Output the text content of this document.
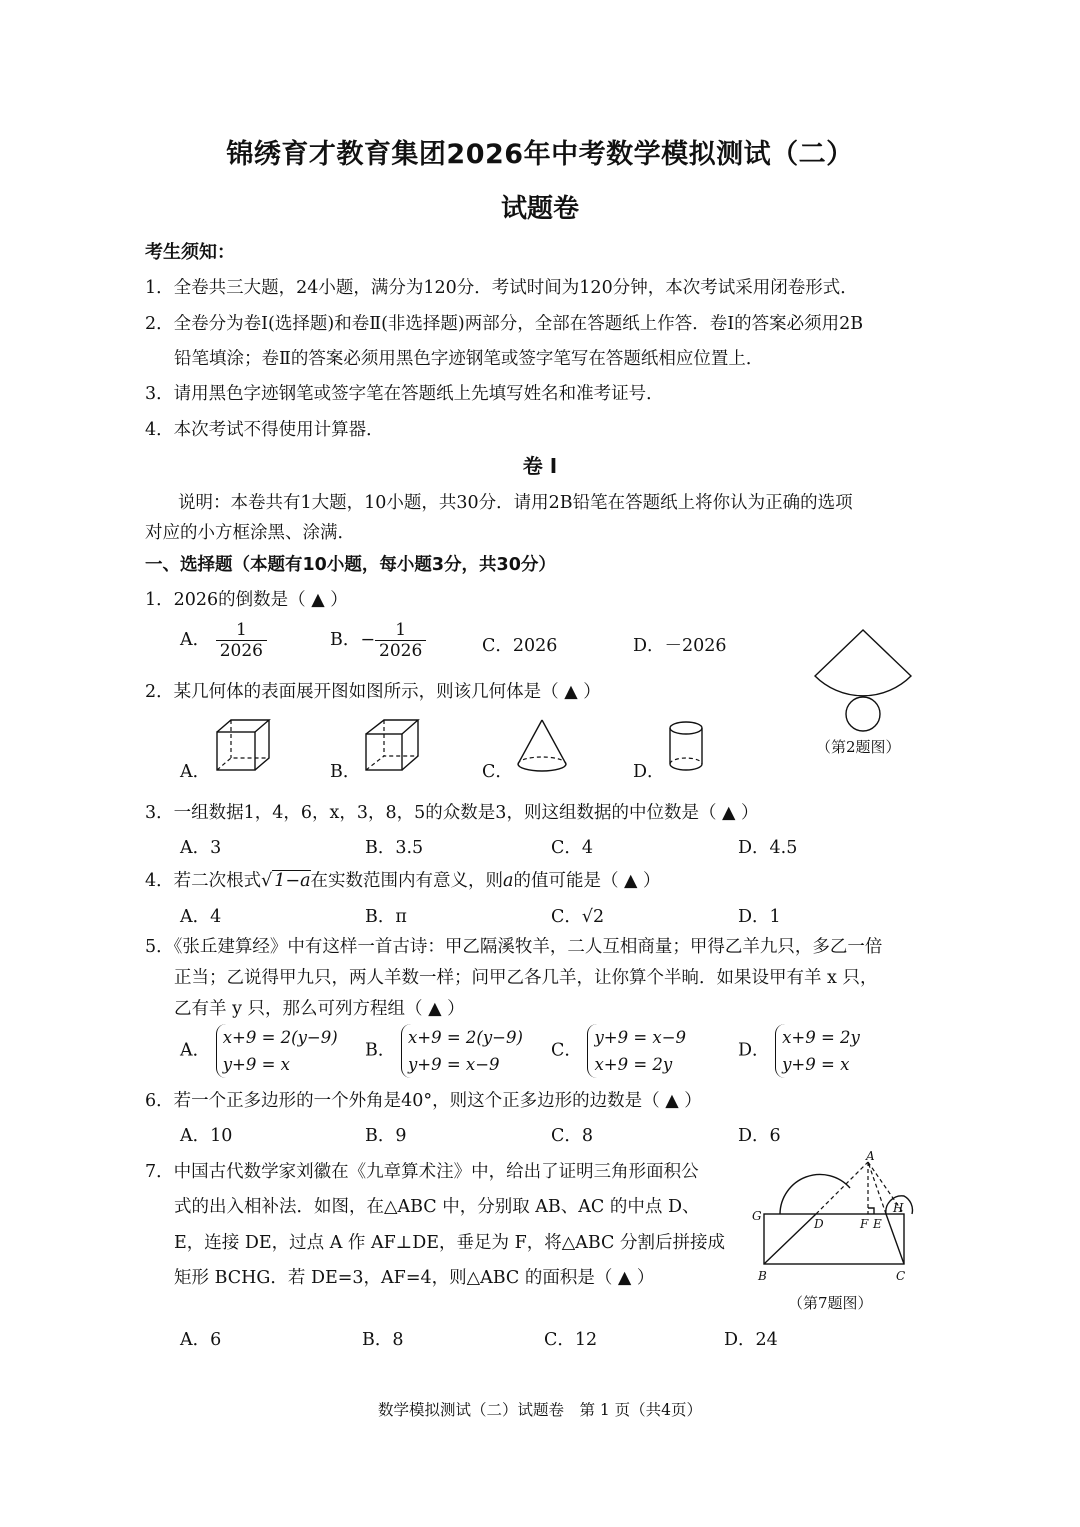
锦绣育才教育集团2026年中考数学模拟测试（二）
试题卷
考生须知：
1．全卷共三大题，24小题，满分为120分．考试时间为120分钟，本次考试采用闭卷形式．
2．全卷分为卷Ⅰ(选择题)和卷Ⅱ(非选择题)两部分，全部在答题纸上作答．卷Ⅰ的答案必须用2B
铅笔填涂；卷Ⅱ的答案必须用黑色字迹钢笔或签字笔写在答题纸相应位置上．
3．请用黑色字迹钢笔或签字笔在答题纸上先填写姓名和准考证号．
4．本次考试不得使用计算器．
卷 Ⅰ
说明：本卷共有1大题，10小题，共30分．请用2B铅笔在答题纸上将你认为正确的选项
对应的小方框涂黑、涂满．
一、选择题（本题有10小题，每小题3分，共30分）
1．2026的倒数是（ ▲ ）
A． $\frac{1}{2026}$	B．− $\frac{1}{2026}$	C．2026	D．－2026
（第2题图）
2．某几何体的表面展开图如图所示，则该几何体是（ ▲ ）
A．	B．	C．	D．
3．一组数据1，4，6，x，3，8，5的众数是3，则这组数据的中位数是（ ▲ ）
A．3	B．3.5	C．4	D．4.5
4．若二次根式√ 1−a在实数范围内有意义，则a的值可能是（ ▲ ）
A．4	B．π	C．√2	D．1
5．《张丘建算经》中有这样一首古诗：甲乙隔溪牧羊，二人互相商量；甲得乙羊九只，多乙一倍
正当；乙说得甲九只，两人羊数一样；问甲乙各几羊，让你算个半晌．如果设甲有羊 x 只，
乙有羊 y 只，那么可列方程组（ ▲ ）
A．
x+9 = 2(y−9)
y+9 = x
B．
x+9 = 2(y−9)
y+9 = x−9
C．
y+9 = x−9
x+9 = 2y
D．
x+9 = 2y
y+9 = x
6．若一个正多边形的一个外角是40°，则这个正多边形的边数是（ ▲ ）
A．10	B．9	C．8	D．6
7．中国古代数学家刘徽在《九章算术注》中，给出了证明三角形面积公
式的出入相补法．如图，在△ABC 中，分别取 AB、AC 的中点 D、
E，连接 DE，过点 A 作 AF⊥DE，垂足为 F，将△ABC 分割后拼接成
矩形 BCHG．若 DE=3，AF=4，则△ABC 的面积是（ ▲ ）
A
B	C
D	E
F
G
H
（第7题图）
A．6	B．8	C．12	D．24
数学模拟测试（二）试题卷　第 1 页（共4页）
